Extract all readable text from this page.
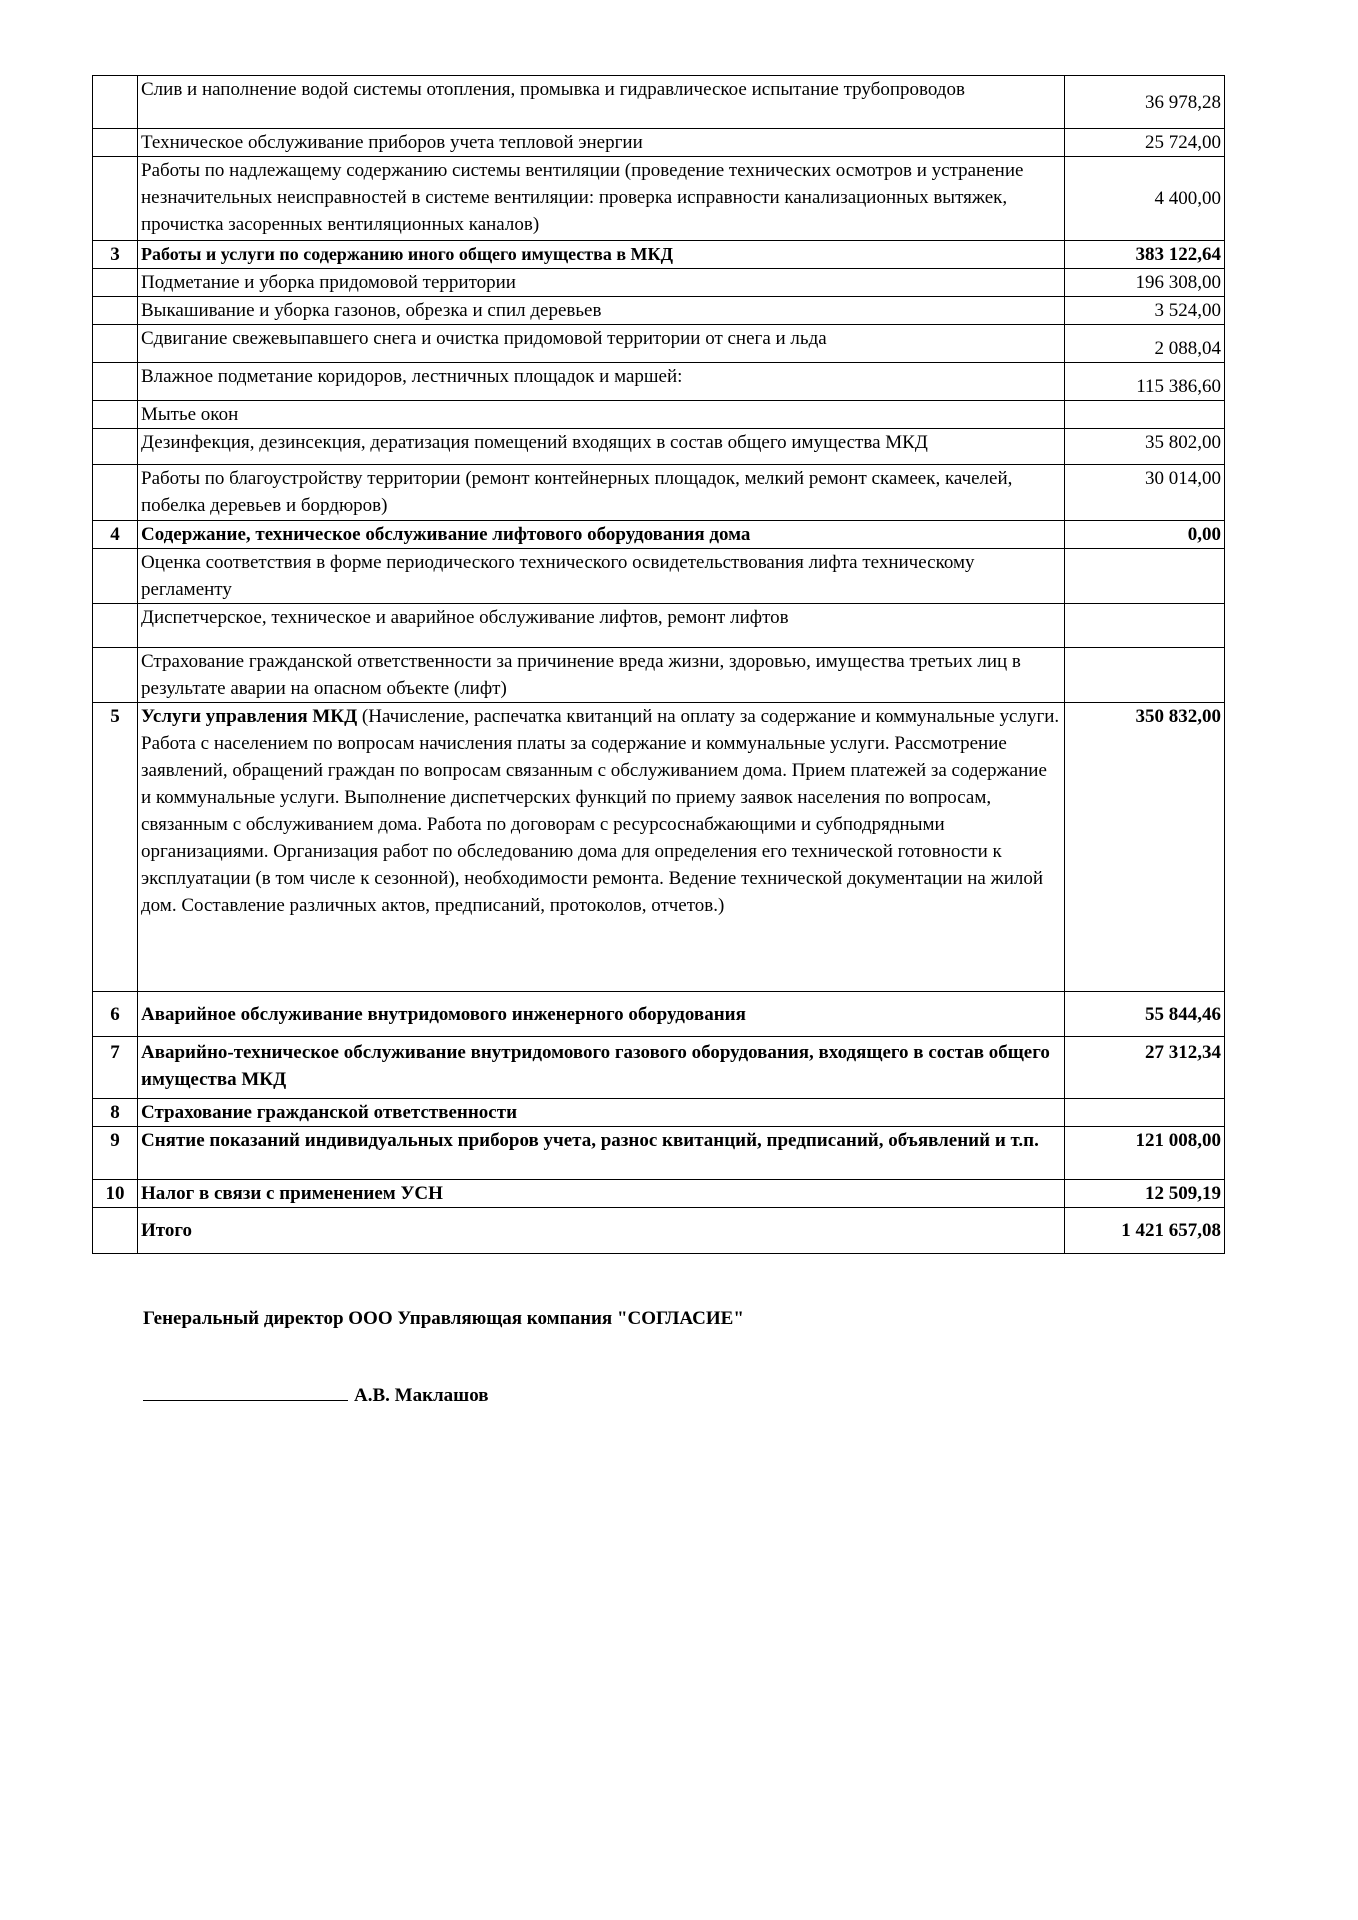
	Слив и наполнение водой системы отопления, промывка и гидравлическое испытание трубопроводов	36 978,28
	Техническое обслуживание приборов учета тепловой энергии	25 724,00
	Работы по надлежащему содержанию системы вентиляции (проведение технических осмотров и устранение незначительных неисправностей в системе вентиляции: проверка исправности канализационных вытяжек, прочистка засоренных вентиляционных каналов)	4 400,00
3	Работы и услуги по содержанию иного общего имущества в МКД	383 122,64
	Подметание и уборка придомовой территории	196 308,00
	Выкашивание и уборка газонов, обрезка и спил деревьев	3 524,00
	Сдвигание свежевыпавшего снега и очистка придомовой территории от снега и льда	2 088,04
	Влажное подметание коридоров, лестничных площадок и маршей:	115 386,60
	Мытье окон	
	Дезинфекция, дезинсекция, дератизация помещений входящих в состав общего имущества МКД	35 802,00
	Работы по благоустройству территории (ремонт контейнерных площадок, мелкий ремонт скамеек, качелей, побелка деревьев и бордюров)	30 014,00
4	Содержание, техническое обслуживание лифтового оборудования дома	0,00
	Оценка соответствия в форме периодического технического освидетельствования лифта техническому регламенту	
	Диспетчерское, техническое и аварийное обслуживание лифтов, ремонт лифтов	
	Страхование гражданской ответственности за причинение вреда жизни, здоровью, имущества третьих лиц в результате аварии на опасном объекте (лифт)	
5	Услуги управления МКД (Начисление, распечатка квитанций на оплату за содержание и коммунальные услуги. Работа с населением по вопросам начисления платы за содержание и коммунальные услуги. Рассмотрение заявлений, обращений граждан по вопросам связанным с обслуживанием дома. Прием платежей за содержание и коммунальные услуги. Выполнение диспетчерских функций по приему заявок населения по вопросам, связанным с обслуживанием дома. Работа по договорам с ресурсоснабжающими и субподрядными организациями. Организация работ по обследованию дома для определения его технической готовности к эксплуатации (в том числе к сезонной), необходимости ремонта. Ведение технической документации на жилой дом. Составление различных актов, предписаний, протоколов, отчетов.)	350 832,00
6	Аварийное обслуживание внутридомового инженерного оборудования	55 844,46
7	Аварийно-техническое обслуживание внутридомового газового оборудования, входящего в состав общего имущества МКД	27 312,34
8	Страхование гражданской ответственности	
9	Снятие показаний индивидуальных приборов учета, разнос квитанций, предписаний, объявлений и т.п.	121 008,00
10	Налог в связи с применением УСН	12 509,19
	Итого	1 421 657,08
Генеральный директор ООО Управляющая компания "СОГЛАСИЕ"
А.В. Маклашов
